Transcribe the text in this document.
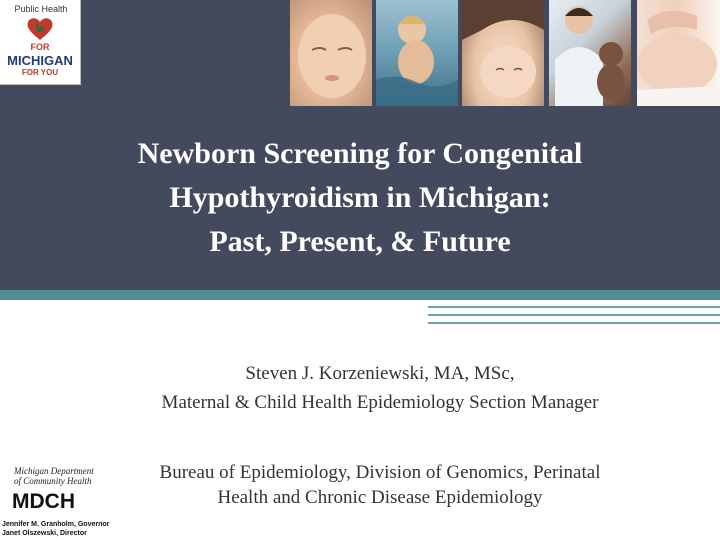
Public Health
FOR
MICHIGAN
FOR YOU
Newborn Screening for Congenital
Hypothyroidism in Michigan:
Past, Present, & Future
Steven J. Korzeniewski, MA, MSc,
Maternal & Child Health Epidemiology Section Manager
Bureau of Epidemiology, Division of Genomics, Perinatal
Health and Chronic Disease Epidemiology
Michigan Department
of Community Health
MDCH
Jennifer M. Granholm, Governor
Janet Olszewski, Director
